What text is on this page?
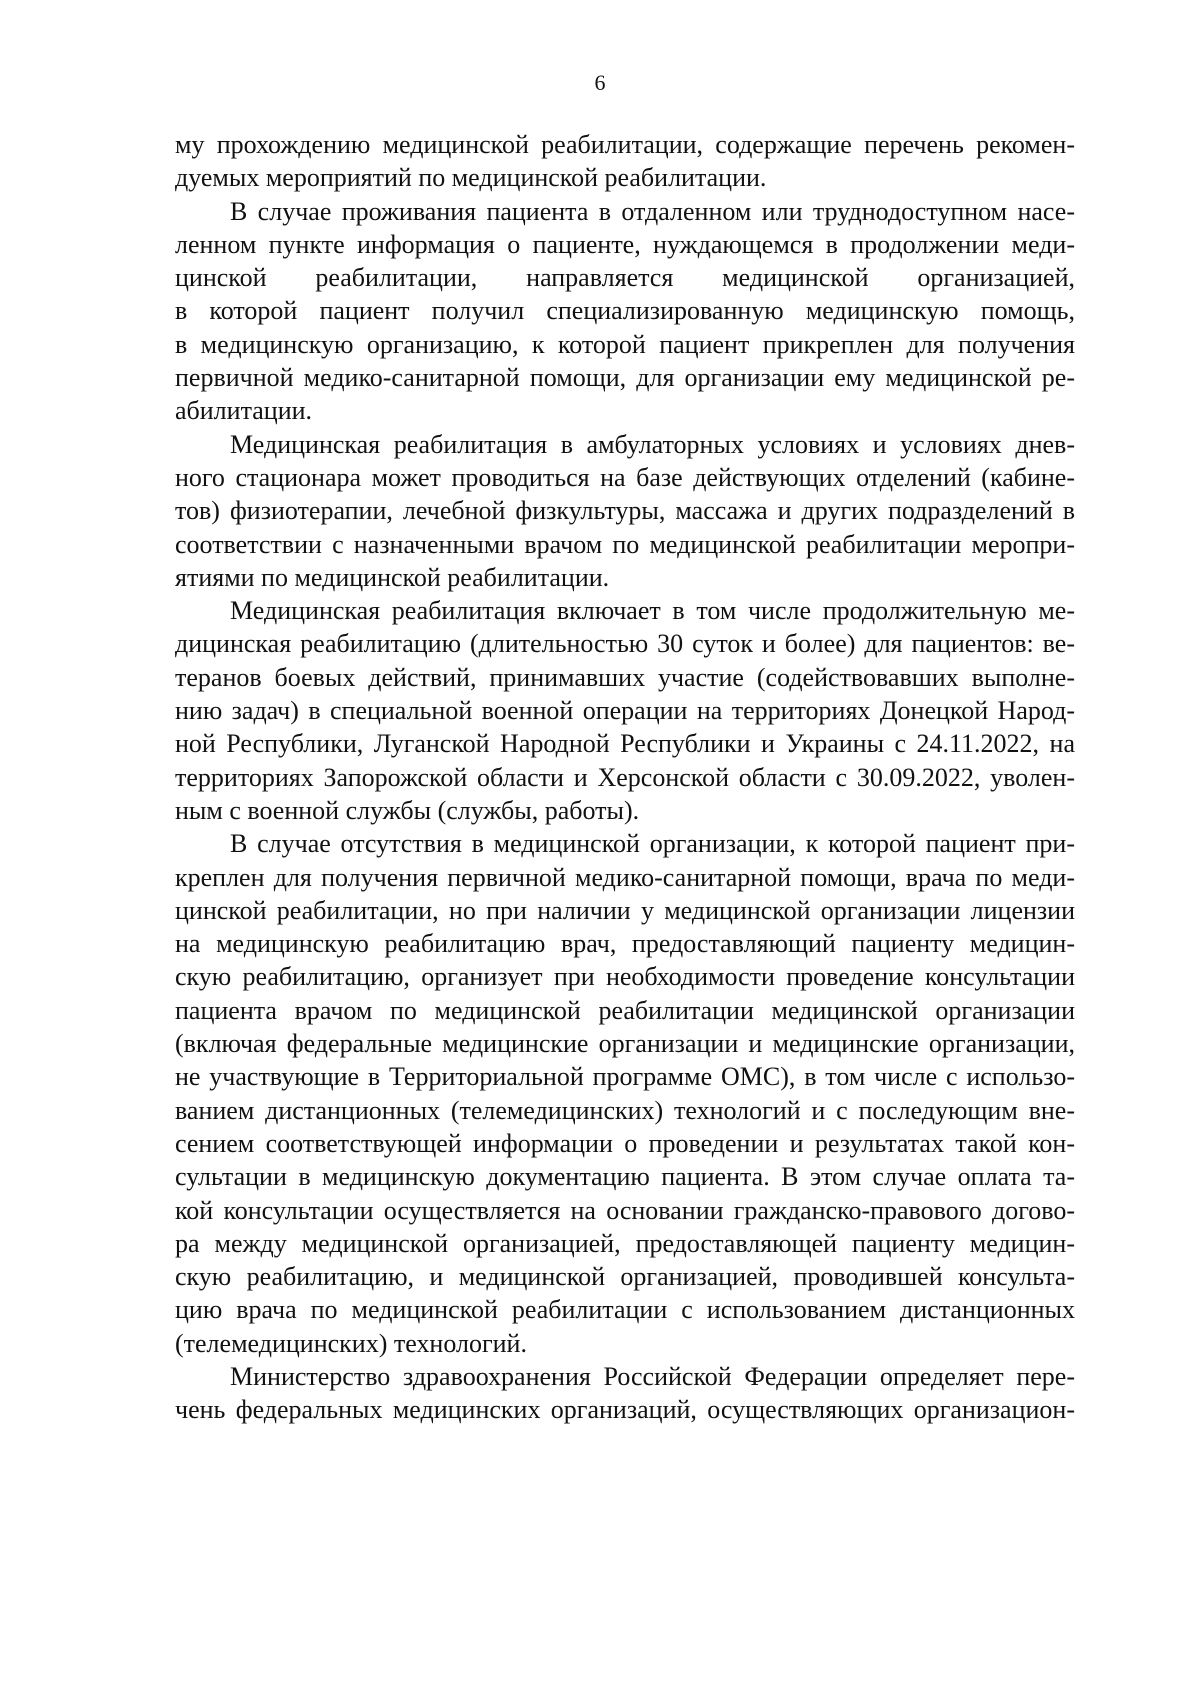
6
му прохождению медицинской реабилитации, содержащие перечень рекомен-
дуемых мероприятий по медицинской реабилитации.
В случае проживания пациента в отдаленном или труднодоступном насе-
ленном пункте информация о пациенте, нуждающемся в продолжении меди-
цинской реабилитации, направляется медицинской организацией,
в которой пациент получил специализированную медицинскую помощь,
в медицинскую организацию, к которой пациент прикреплен для получения
первичной медико-санитарной помощи, для организации ему медицинской ре-
абилитации.
Медицинская реабилитация в амбулаторных условиях и условиях днев-
ного стационара может проводиться на базе действующих отделений (кабине-
тов) физиотерапии, лечебной физкультуры, массажа и других подразделений в
соответствии с назначенными врачом по медицинской реабилитации меропри-
ятиями по медицинской реабилитации.
Медицинская реабилитация включает в том числе продолжительную ме-
дицинская реабилитацию (длительностью 30 суток и более) для пациентов: ве-
теранов боевых действий, принимавших участие (содействовавших выполне-
нию задач) в специальной военной операции на территориях Донецкой Народ-
ной Республики, Луганской Народной Республики и Украины с 24.11.2022, на
территориях Запорожской области и Херсонской области с 30.09.2022, уволен-
ным с военной службы (службы, работы).
В случае отсутствия в медицинской организации, к которой пациент при-
креплен для получения первичной медико-санитарной помощи, врача по меди-
цинской реабилитации, но при наличии у медицинской организации лицензии
на медицинскую реабилитацию врач, предоставляющий пациенту медицин-
скую реабилитацию, организует при необходимости проведение консультации
пациента врачом по медицинской реабилитации медицинской организации
(включая федеральные медицинские организации и медицинские организации,
не участвующие в Территориальной программе ОМС), в том числе с использо-
ванием дистанционных (телемедицинских) технологий и с последующим вне-
сением соответствующей информации о проведении и результатах такой кон-
сультации в медицинскую документацию пациента. В этом случае оплата та-
кой консультации осуществляется на основании гражданско-правового догово-
ра между медицинской организацией, предоставляющей пациенту медицин-
скую реабилитацию, и медицинской организацией, проводившей консульта-
цию врача по медицинской реабилитации с использованием дистанционных
(телемедицинских) технологий.
Министерство здравоохранения Российской Федерации определяет пере-
чень федеральных медицинских организаций, осуществляющих организацион-
